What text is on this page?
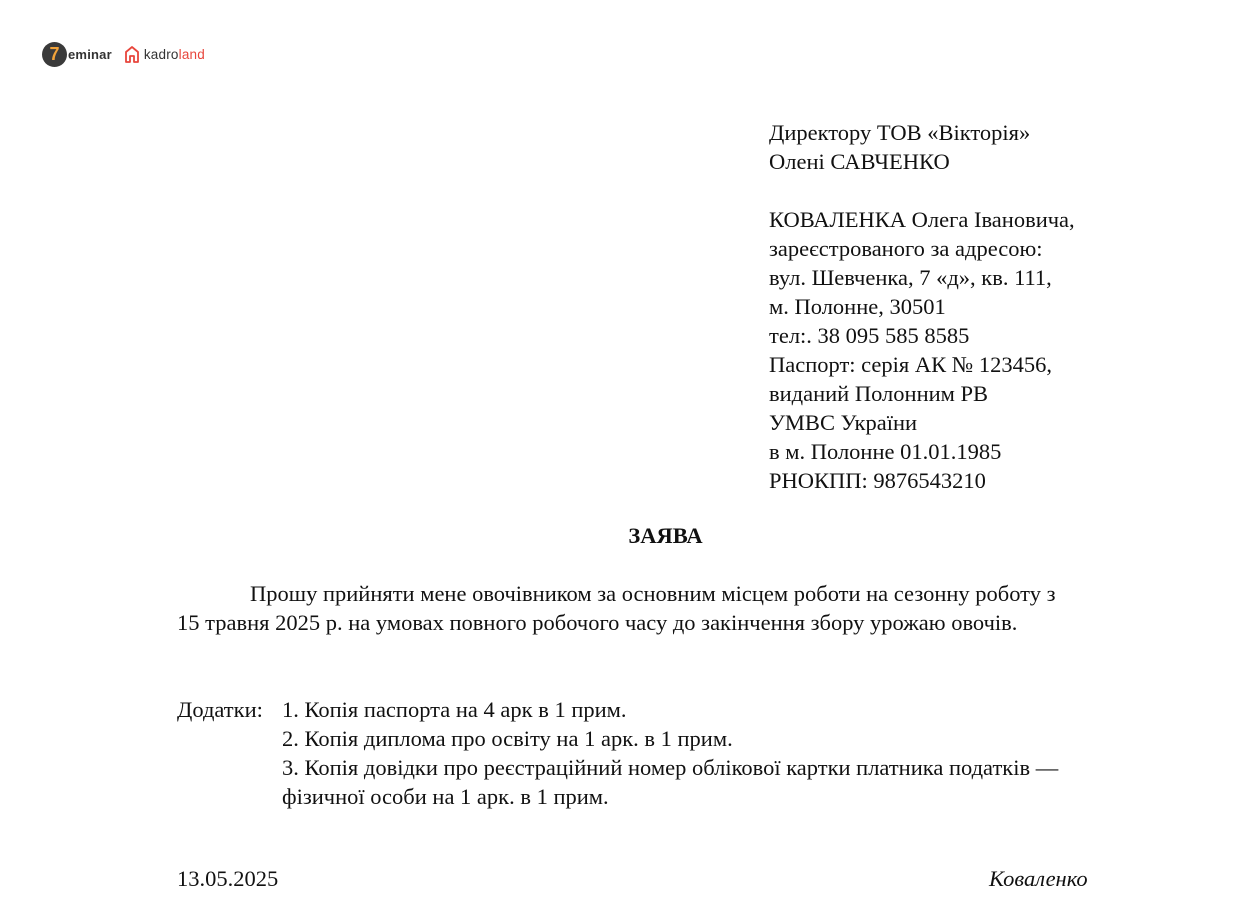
7 eminar kadroland
Директору ТОВ «Вікторія»
Олені САВЧЕНКО
КОВАЛЕНКА Олега Івановича,
зареєстрованого за адресою:
вул. Шевченка, 7 «д», кв. 111,
м. Полонне, 30501
тел:. 38 095 585 8585
Паспорт: серія АК № 123456,
виданий Полонним РВ
УМВС України
в м. Полонне 01.01.1985
РНОКПП: 9876543210
ЗАЯВА
Прошу прийняти мене овочівником за основним місцем роботи на сезонну роботу з
15 травня 2025 р. на умовах повного робочого часу до закінчення збору урожаю овочів.
Додатки: 1. Копія паспорта на 4 арк в 1 прим.
2. Копія диплома про освіту на 1 арк. в 1 прим.
3. Копія довідки про реєстраційний номер облікової картки платника податків —
фізичної особи на 1 арк. в 1 прим.
13.05.2025	Коваленко
